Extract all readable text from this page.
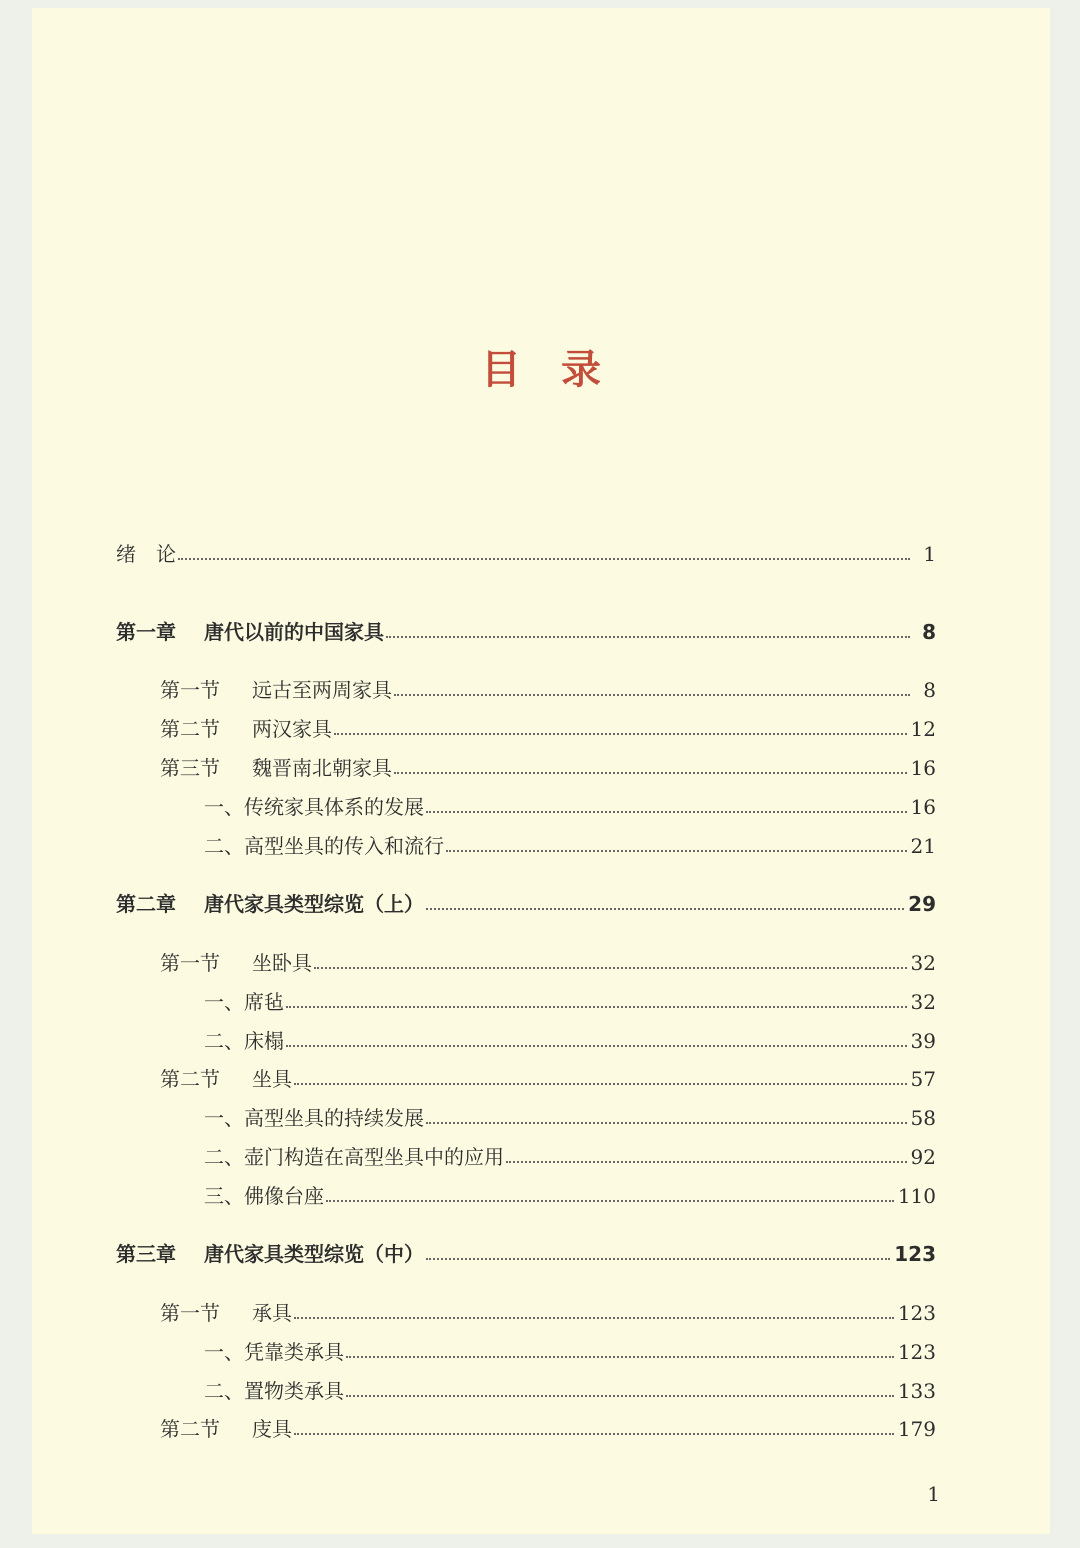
目 录
绪　论	1
第一章 唐代以前的中国家具	8
第一节 远古至两周家具	8
第二节 两汉家具	12
第三节 魏晋南北朝家具	16
一、传统家具体系的发展	16
二、高型坐具的传入和流行	21
第二章 唐代家具类型综览（上）	29
第一节 坐卧具	32
一、席毡	32
二、床榻	39
第二节 坐具	57
一、高型坐具的持续发展	58
二、壶门构造在高型坐具中的应用	92
三、佛像台座	110
第三章 唐代家具类型综览（中）	123
第一节 承具	123
一、凭靠类承具	123
二、置物类承具	133
第二节 庋具	179
1
